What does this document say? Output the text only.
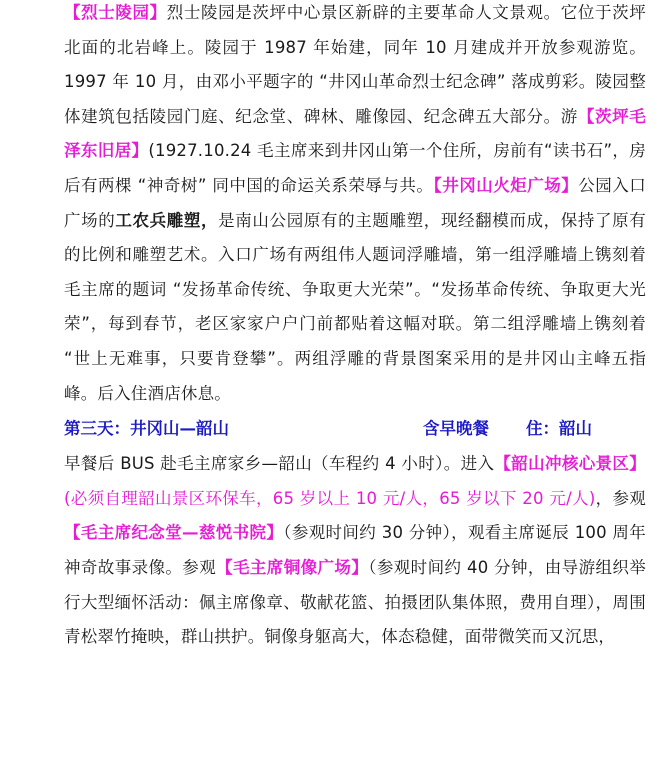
【烈士陵园】烈士陵园是茨坪中心景区新辟的主要革命人文景观。它位于茨坪北面的北岩峰上。陵园于 1987 年始建，同年 10 月建成并开放参观游览。1997 年 10 月，由邓小平题字的 “井冈山革命烈士纪念碑” 落成剪彩。陵园整体建筑包括陵园门庭、纪念堂、碑林、雕像园、纪念碑五大部分。游【茨坪毛泽东旧居】(1927.10.24 毛主席来到井冈山第一个住所，房前有“读书石”，房后有两棵 “神奇树” 同中国的命运关系荣辱与共。【井冈山火炬广场】公园入口广场的工农兵雕塑，是南山公园原有的主题雕塑，现经翻模而成，保持了原有的比例和雕塑艺术。入口广场有两组伟人题词浮雕墙，第一组浮雕墙上镌刻着毛主席的题词 “发扬革命传统、争取更大光荣”。“发扬革命传统、争取更大光荣”，每到春节，老区家家户户门前都贴着这幅对联。第二组浮雕墙上镌刻着 “世上无难事，只要肯登攀”。两组浮雕的背景图案采用的是井冈山主峰五指峰。后入住酒店休息。

第三天：井冈山—韶山	含早晚餐 住：韶山

早餐后 BUS 赴毛主席家乡—韶山（车程约 4 小时）。进入【韶山冲核心景区】(必须自理韶山景区环保车，65 岁以上 10 元/人，65 岁以下 20 元/人)，参观【毛主席纪念堂—慈悦书院】（参观时间约 30 分钟），观看主席诞辰 100 周年神奇故事录像。参观【毛主席铜像广场】（参观时间约 40 分钟，由导游组织举行大型缅怀活动：佩主席像章、敬献花篮、拍摄团队集体照，费用自理），周围青松翠竹掩映，群山拱护。铜像身躯高大，体态稳健，面带微笑而又沉思，
